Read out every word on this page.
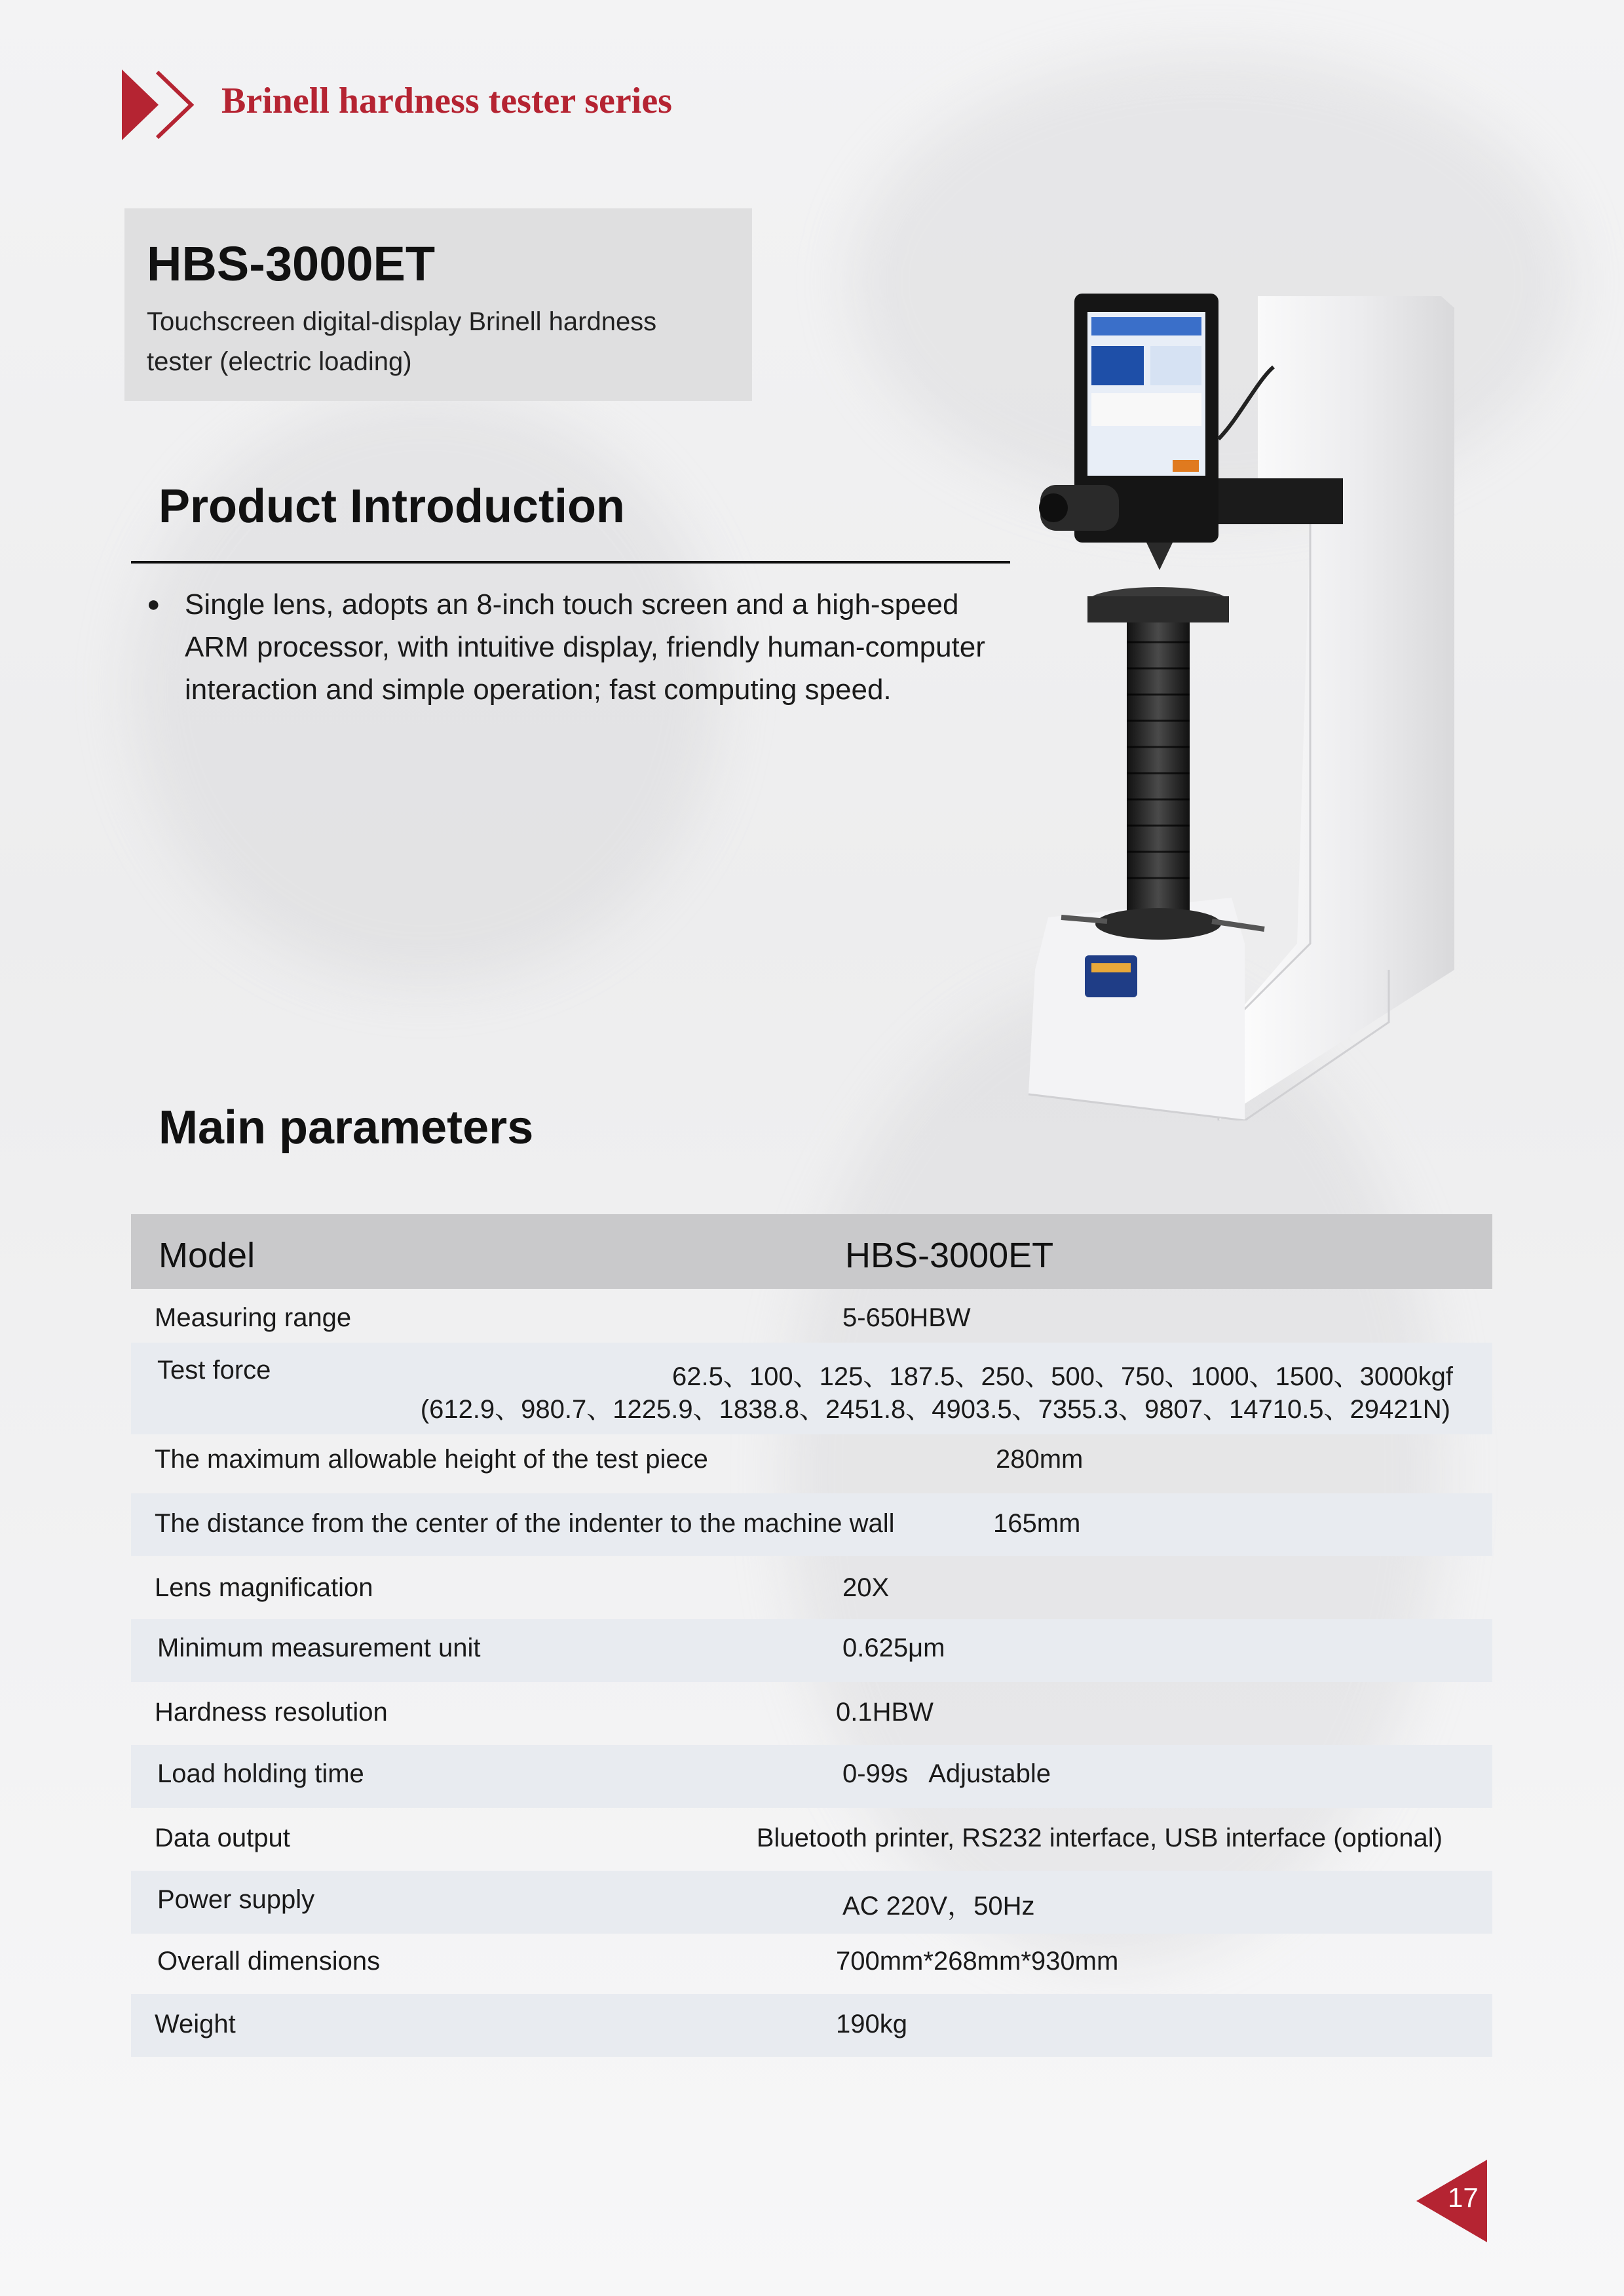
Brinell hardness tester series
HBS-3000ET
Touchscreen digital-display Brinell hardness tester (electric loading)
Product Introduction
● Single lens, adopts an 8-inch touch screen and a high-speed ARM processor, with intuitive display, friendly human-computer interaction and simple operation; fast computing speed.
Main parameters
Model	HBS-3000ET
Measuring range	5-650HBW
Test force	62.5、100、125、187.5、250、500、750、1000、1500、3000kgf
(612.9、980.7、1225.9、1838.8、2451.8、4903.5、7355.3、9807、14710.5、29421N)
The maximum allowable height of the test piece	280mm
The distance from the center of the indenter to the machine wall	165mm
Lens magnification	20X
Minimum measurement unit	0.625μm
Hardness resolution	0.1HBW
Load holding time	0-99s   Adjustable
Data output	Bluetooth printer, RS232 interface, USB interface (optional)
Power supply	AC 220V，50Hz
Overall dimensions	700mm*268mm*930mm
Weight	190kg
17
